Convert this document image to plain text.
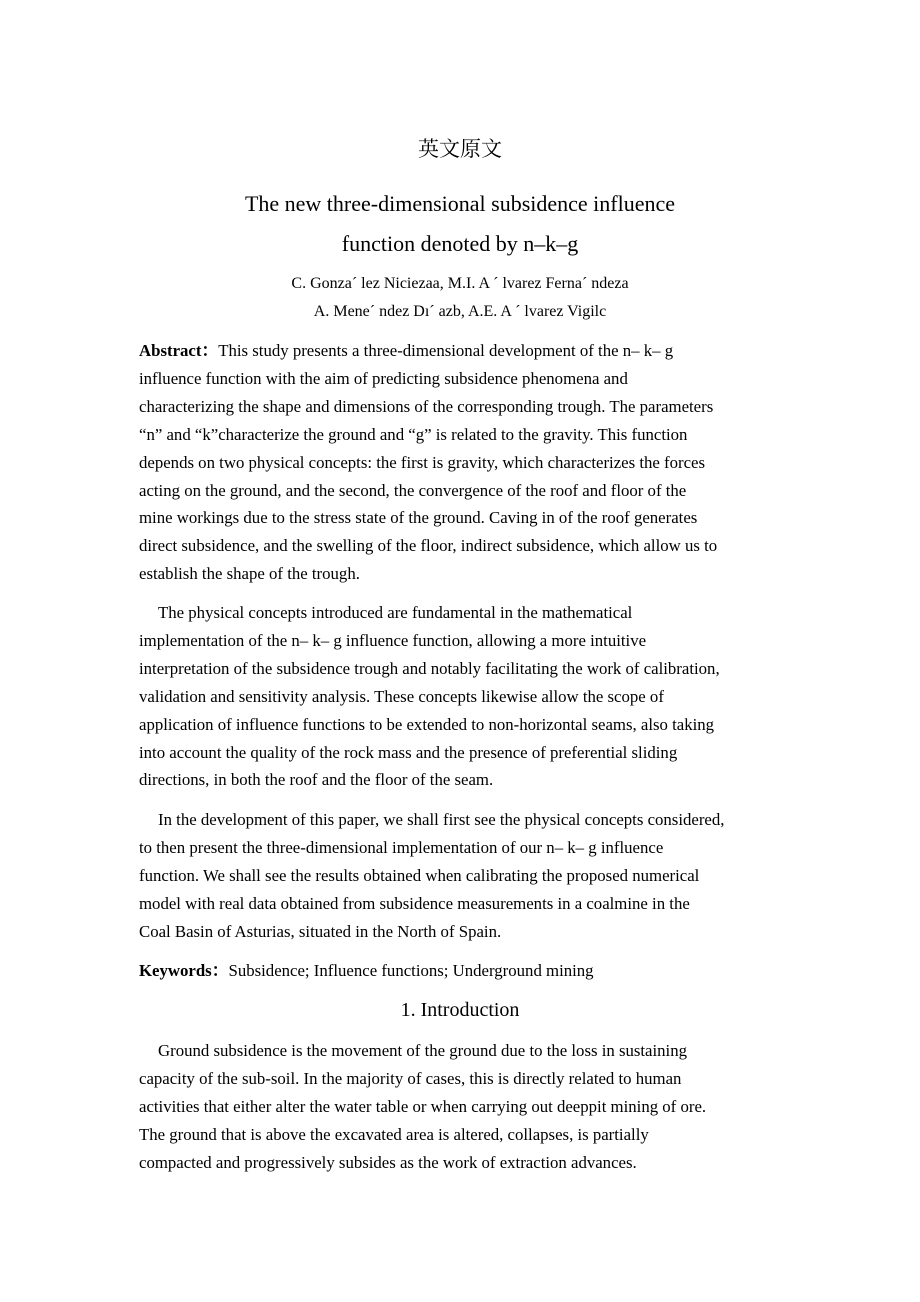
英文原文
The new three-dimensional subsidence influence
function denoted by n–k–g
C. Gonza´ lez Niciezaa, M.I. A ´ lvarez Ferna´ ndeza
A. Mene´ ndez Dı´ azb, A.E. A ´ lvarez Vigilc
Abstract：This study presents a three-dimensional development of the n– k– g
influence function with the aim of predicting subsidence phenomena and
characterizing the shape and dimensions of the corresponding trough. The parameters
“n” and “k”characterize the ground and “g” is related to the gravity. This function
depends on two physical concepts: the first is gravity, which characterizes the forces
acting on the ground, and the second, the convergence of the roof and floor of the
mine workings due to the stress state of the ground. Caving in of the roof generates
direct subsidence, and the swelling of the floor, indirect subsidence, which allow us to
establish the shape of the trough.
The physical concepts introduced are fundamental in the mathematical
implementation of the n– k– g influence function, allowing a more intuitive
interpretation of the subsidence trough and notably facilitating the work of calibration,
validation and sensitivity analysis. These concepts likewise allow the scope of
application of influence functions to be extended to non-horizontal seams, also taking
into account the quality of the rock mass and the presence of preferential sliding
directions, in both the roof and the floor of the seam.
In the development of this paper, we shall first see the physical concepts considered,
to then present the three-dimensional implementation of our n– k– g influence
function. We shall see the results obtained when calibrating the proposed numerical
model with real data obtained from subsidence measurements in a coalmine in the
Coal Basin of Asturias, situated in the North of Spain.
Keywords：Subsidence; Influence functions; Underground mining
1. Introduction
Ground subsidence is the movement of the ground due to the loss in sustaining
capacity of the sub-soil. In the majority of cases, this is directly related to human
activities that either alter the water table or when carrying out deeppit mining of ore.
The ground that is above the excavated area is altered, collapses, is partially
compacted and progressively subsides as the work of extraction advances.
